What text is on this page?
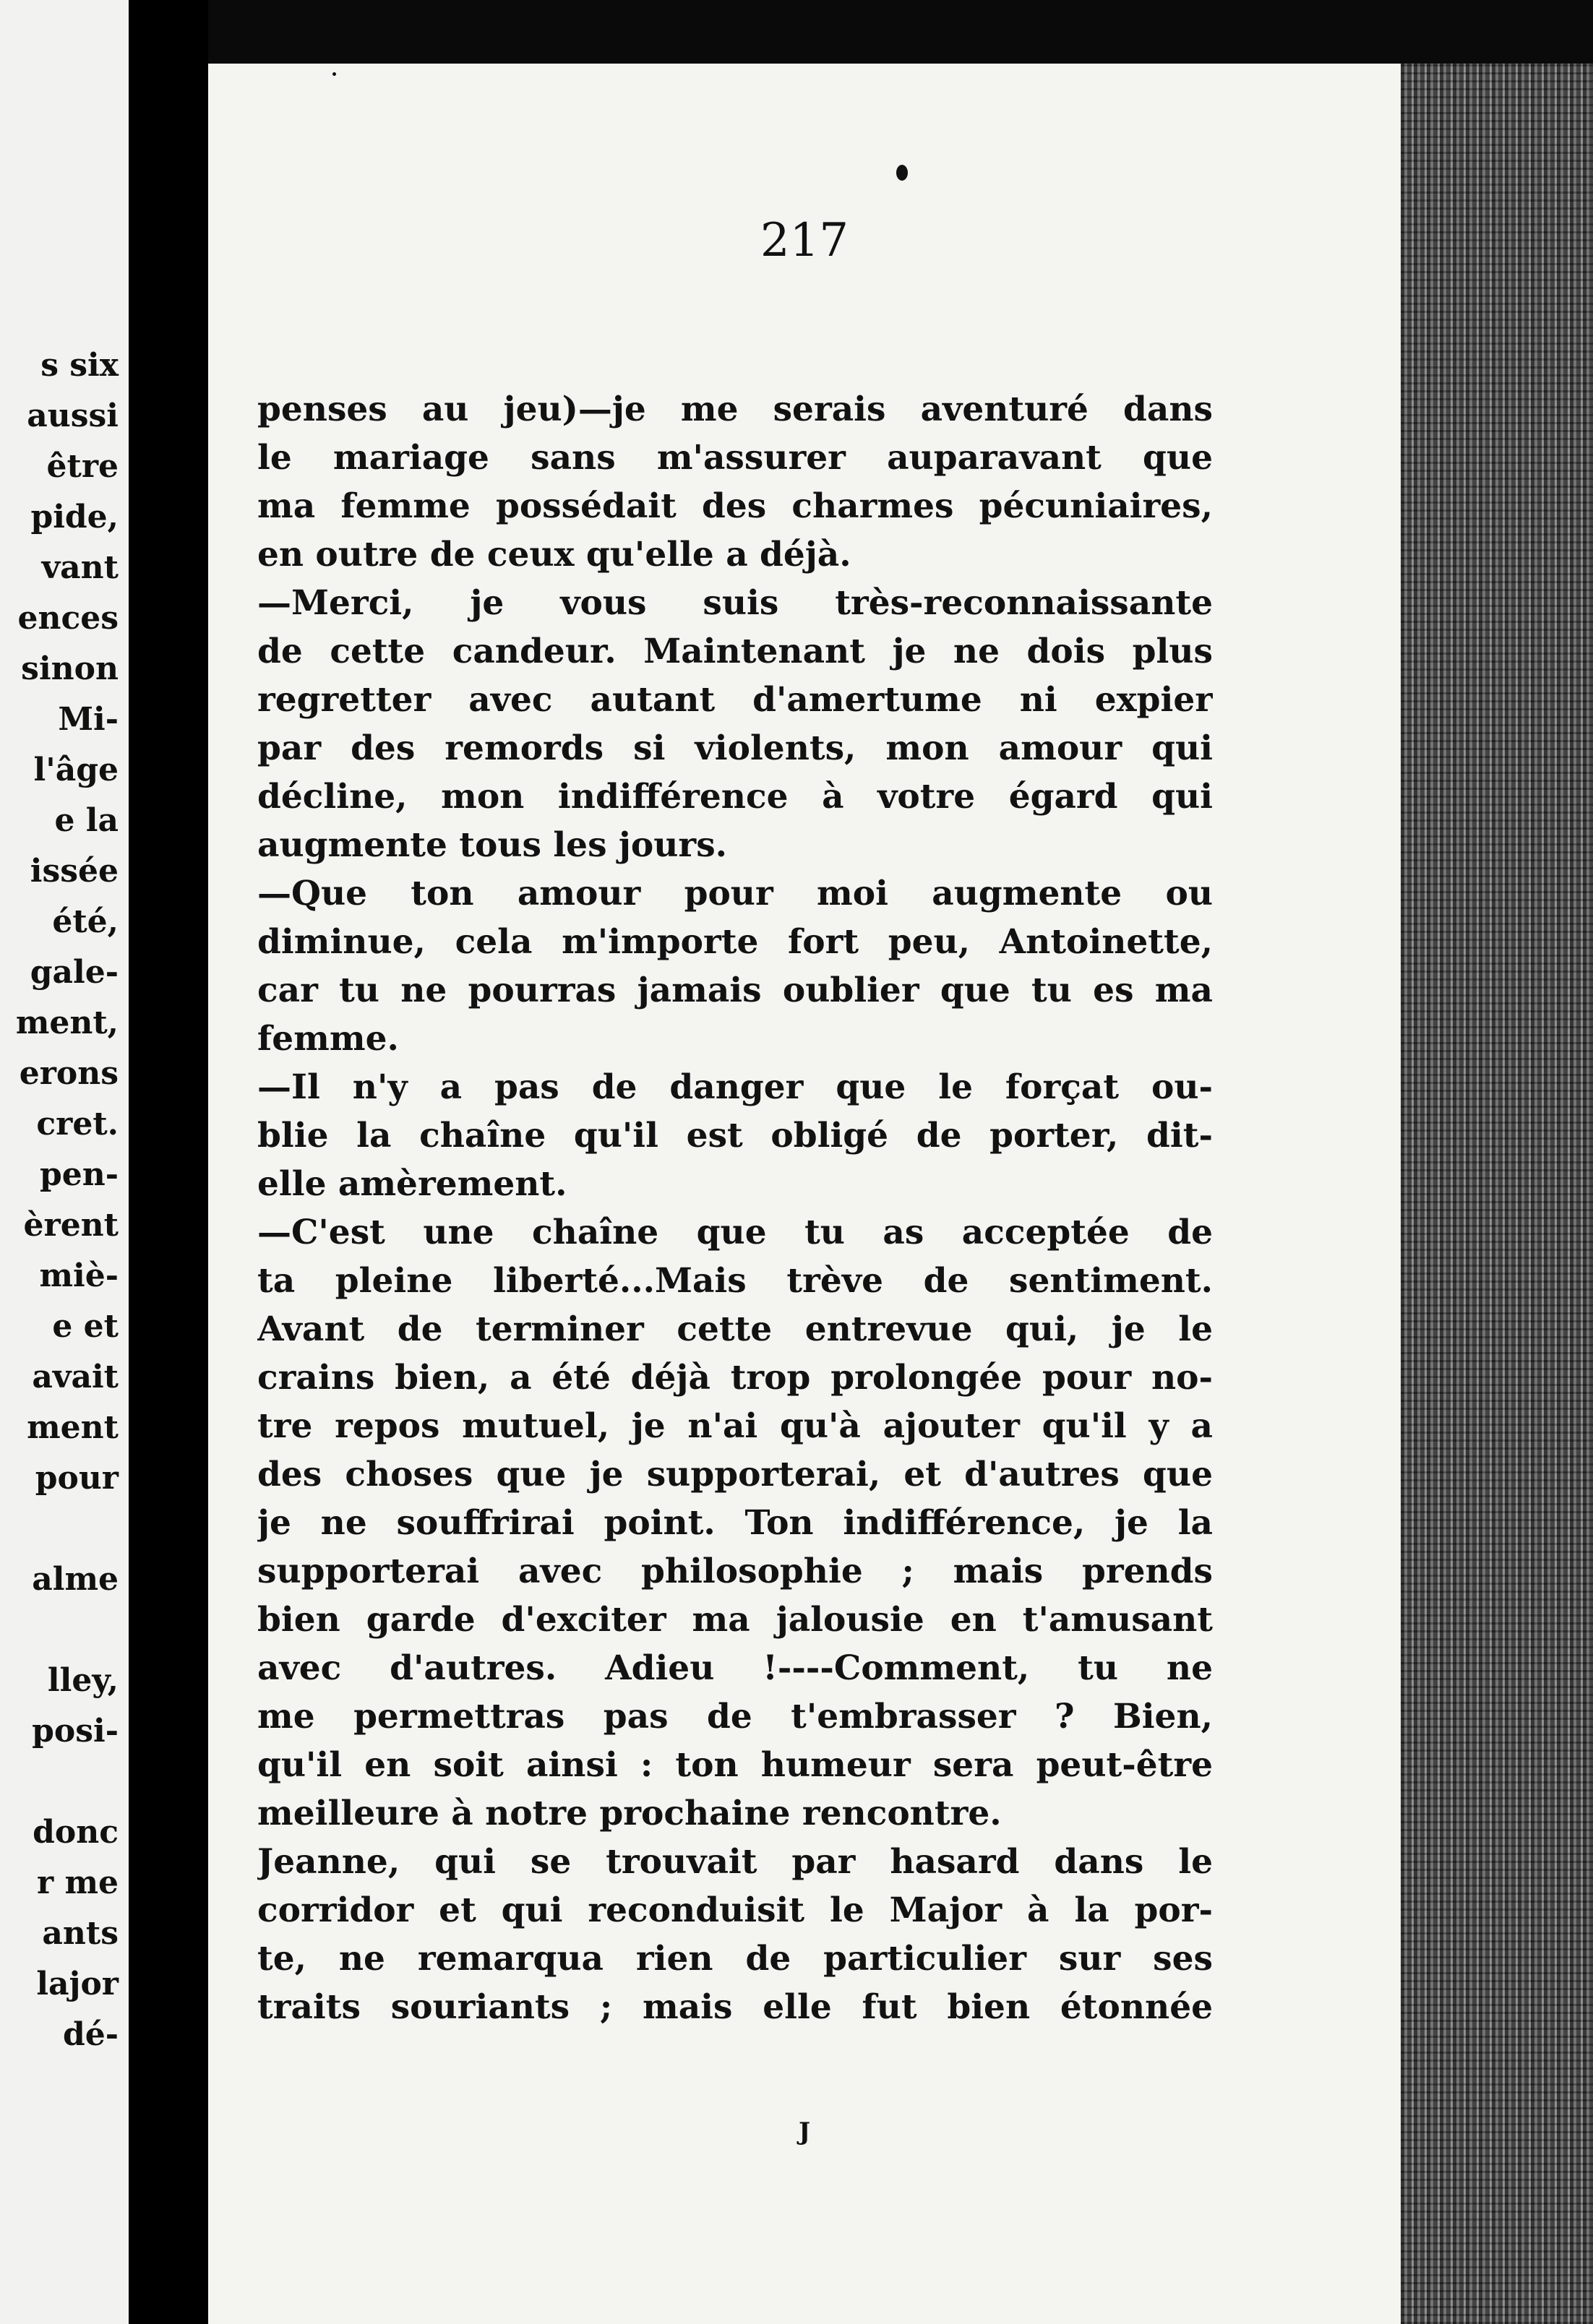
s six

aussi

être

pide,

vant

ences

sinon

Mi-

l'âge

e la

issée

été,

gale-

ment,

erons

cret.

pen-

èrent

miè-

e et

avait

ment

pour

alme

lley,

posi-

donc

r me

ants

lajor

dé-

217

penses au jeu)—je me serais aventuré dans

le mariage sans m'assurer auparavant que

ma femme possédait des charmes pécuniaires,

en outre de ceux qu'elle a déjà.

—Merci, je vous suis très-reconnaissante

de cette candeur. Maintenant je ne dois plus

regretter avec autant d'amertume ni expier

par des remords si violents, mon amour qui

décline, mon indifférence à votre égard qui

augmente tous les jours.

—Que ton amour pour moi augmente ou

diminue, cela m'importe fort peu, Antoinette,

car tu ne pourras jamais oublier que tu es ma

femme.

—Il n'y a pas de danger que le forçat ou-

blie la chaîne qu'il est obligé de porter, dit-

elle amèrement.

—C'est une chaîne que tu as acceptée de

ta pleine liberté...Mais trève de sentiment.

Avant de terminer cette entrevue qui, je le

crains bien, a été déjà trop prolongée pour no-

tre repos mutuel, je n'ai qu'à ajouter qu'il y a

des choses que je supporterai, et d'autres que

je ne souffrirai point. Ton indifférence, je la

supporterai avec philosophie ; mais prends

bien garde d'exciter ma jalousie en t'amusant

avec d'autres. Adieu !----Comment, tu ne

me permettras pas de t'embrasser ? Bien,

qu'il en soit ainsi : ton humeur sera peut-être

meilleure à notre prochaine rencontre.

Jeanne, qui se trouvait par hasard dans le

corridor et qui reconduisit le Major à la por-

te, ne remarqua rien de particulier sur ses

traits souriants ; mais elle fut bien étonnée

J
